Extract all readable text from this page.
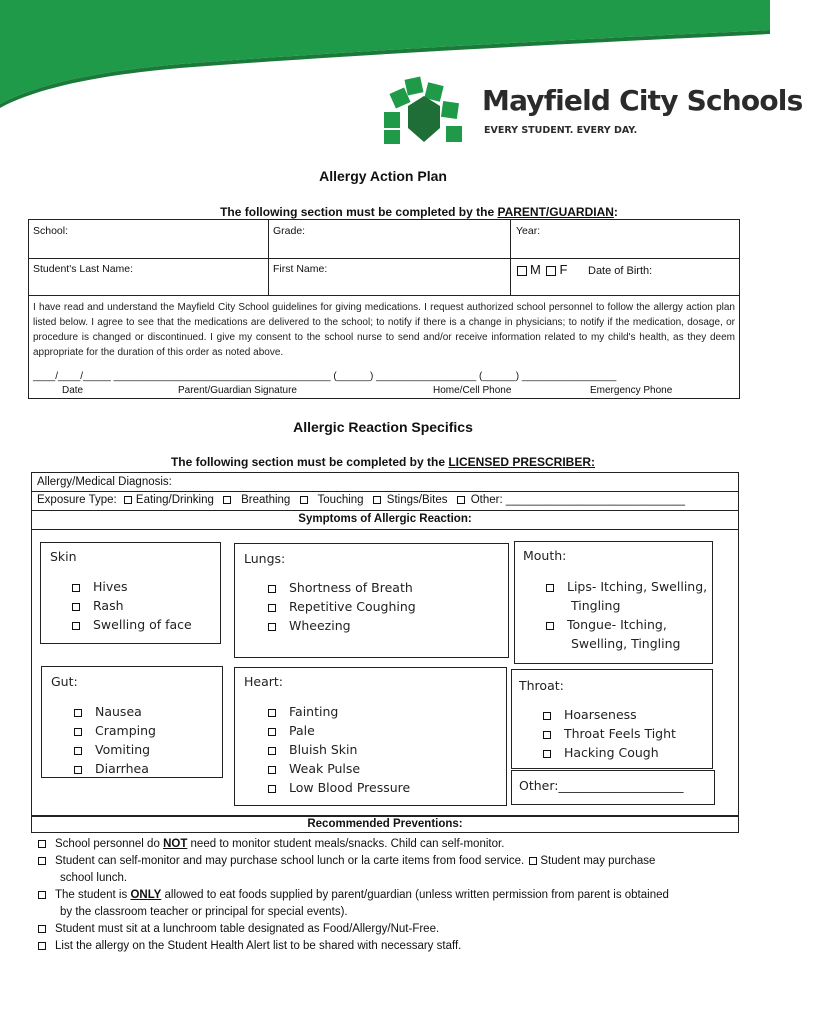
Mayfield City Schools
EVERY STUDENT. EVERY DAY.
Allergy Action Plan
The following section must be completed by the PARENT/GUARDIAN:
School:	Grade:	Year:
Student's Last Name:	First Name:	M F Date of Birth:
I have read and understand the Mayfield City School guidelines for giving medications. I request authorized school personnel to follow the allergy action plan listed below. I agree to see that the medications are delivered to the school; to notify if there is a change in physicians; to notify if the medication, dosage, or procedure is changed or discontinued. I give my consent to the school nurse to send and/or receive information related to my child's health, as they deem appropriate for the duration of this order as noted above.
____/____/_____ _______________________________________ (______) __________________ (______) _________________
Date	Parent/Guardian Signature	Home/Cell Phone	Emergency Phone
Allergic Reaction Specifics
The following section must be completed by the LICENSED PRESCRIBER:
Allergy/Medical Diagnosis:
Exposure Type: Eating/Drinking Breathing Touching Stings/Bites Other: ____________________________
Symptoms of Allergic Reaction:
Skin
Hives
Rash
Swelling of face
Lungs:
Shortness of Breath
Repetitive Coughing
Wheezing
Mouth:
Lips- Itching, Swelling,
Tingling
Tongue- Itching,
Swelling, Tingling
Gut:
Nausea
Cramping
Vomiting
Diarrhea
Heart:
Fainting
Pale
Bluish Skin
Weak Pulse
Low Blood Pressure
Throat:
Hoarseness
Throat Feels Tight
Hacking Cough
Other:____________________
Recommended Preventions:
School personnel do NOT need to monitor student meals/snacks. Child can self-monitor.
Student can self-monitor and may purchase school lunch or la carte items from food service. Student may purchase
school lunch.
The student is ONLY allowed to eat foods supplied by parent/guardian (unless written permission from parent is obtained
by the classroom teacher or principal for special events).
Student must sit at a lunchroom table designated as Food/Allergy/Nut-Free.
List the allergy on the Student Health Alert list to be shared with necessary staff.
